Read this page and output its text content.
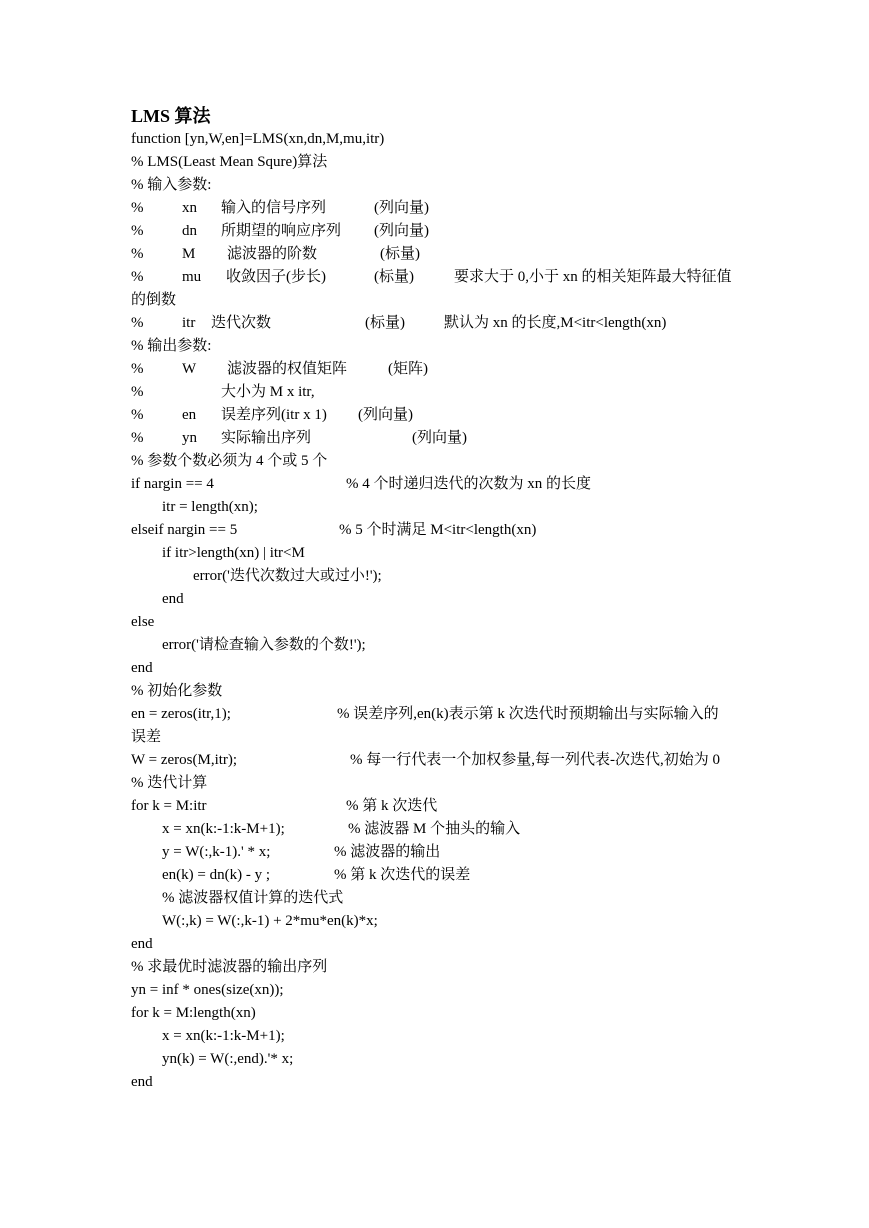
LMS 算法
function [yn,W,en]=LMS(xn,dn,M,mu,itr)
% LMS(Least Mean Squre)算法
% 输入参数:
%	xn 输入的信号序列	(列向量)
%	dn 所期望的响应序列 (列向量)
%	M 滤波器的阶数	(标量)
%	mu 收敛因子(步长)	(标量)	要求大于 0,小于 xn 的相关矩阵最大特征值
的倒数
%	itr 迭代次数	(标量)	默认为 xn 的长度,M<itr<length(xn)
% 输出参数:
%	W 滤波器的权值矩阵	(矩阵)
%	大小为 M x itr,
%	en 误差序列(itr x 1) (列向量)
%	yn 实际输出序列	(列向量)
% 参数个数必须为 4 个或 5 个
if nargin == 4	% 4 个时递归迭代的次数为 xn 的长度
itr = length(xn);
elseif nargin == 5	% 5 个时满足 M<itr<length(xn)
if itr>length(xn) | itr<M
error('迭代次数过大或过小!');
end
else
error('请检查输入参数的个数!');
end
% 初始化参数
en = zeros(itr,1);	% 误差序列,en(k)表示第 k 次迭代时预期输出与实际输入的
误差
W = zeros(M,itr);	% 每一行代表一个加权参量,每一列代表-次迭代,初始为 0
% 迭代计算
for k = M:itr	% 第 k 次迭代
x = xn(k:-1:k-M+1);	% 滤波器 M 个抽头的输入
y = W(:,k-1).' * x;	% 滤波器的输出
en(k) = dn(k) - y ;	% 第 k 次迭代的误差
% 滤波器权值计算的迭代式
W(:,k) = W(:,k-1) + 2*mu*en(k)*x;
end
% 求最优时滤波器的输出序列
yn = inf * ones(size(xn));
for k = M:length(xn)
x = xn(k:-1:k-M+1);
yn(k) = W(:,end).'* x;
end
